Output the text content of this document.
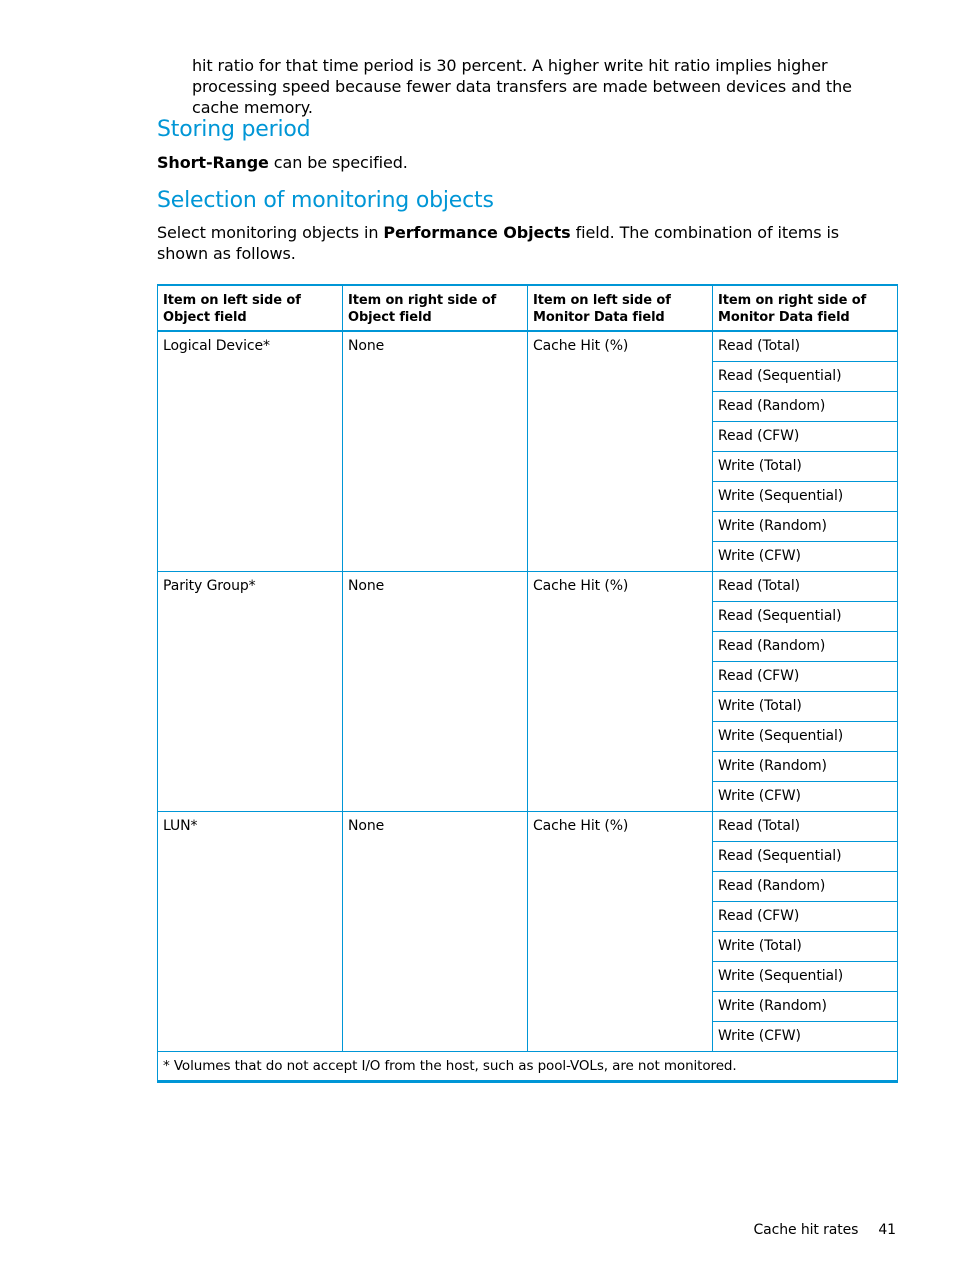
hit ratio for that time period is 30 percent. A higher write hit ratio implies higher processing speed because fewer data transfers are made between devices and the cache memory.
Storing period
Short-Range can be specified.
Selection of monitoring objects
Select monitoring objects in Performance Objects field. The combination of items is shown as follows.
Item on left side of Object field	Item on right side of Object field	Item on left side of Monitor Data field	Item on right side of Monitor Data field
Logical Device*	None	Cache Hit (%)	Read (Total)
			Read (Sequential)
			Read (Random)
			Read (CFW)
			Write (Total)
			Write (Sequential)
			Write (Random)
			Write (CFW)
Parity Group*	None	Cache Hit (%)	Read (Total)
			Read (Sequential)
			Read (Random)
			Read (CFW)
			Write (Total)
			Write (Sequential)
			Write (Random)
			Write (CFW)
LUN*	None	Cache Hit (%)	Read (Total)
			Read (Sequential)
			Read (Random)
			Read (CFW)
			Write (Total)
			Write (Sequential)
			Write (Random)
			Write (CFW)
* Volumes that do not accept I/O from the host, such as pool-VOLs, are not monitored.			
Cache hit rates 41
